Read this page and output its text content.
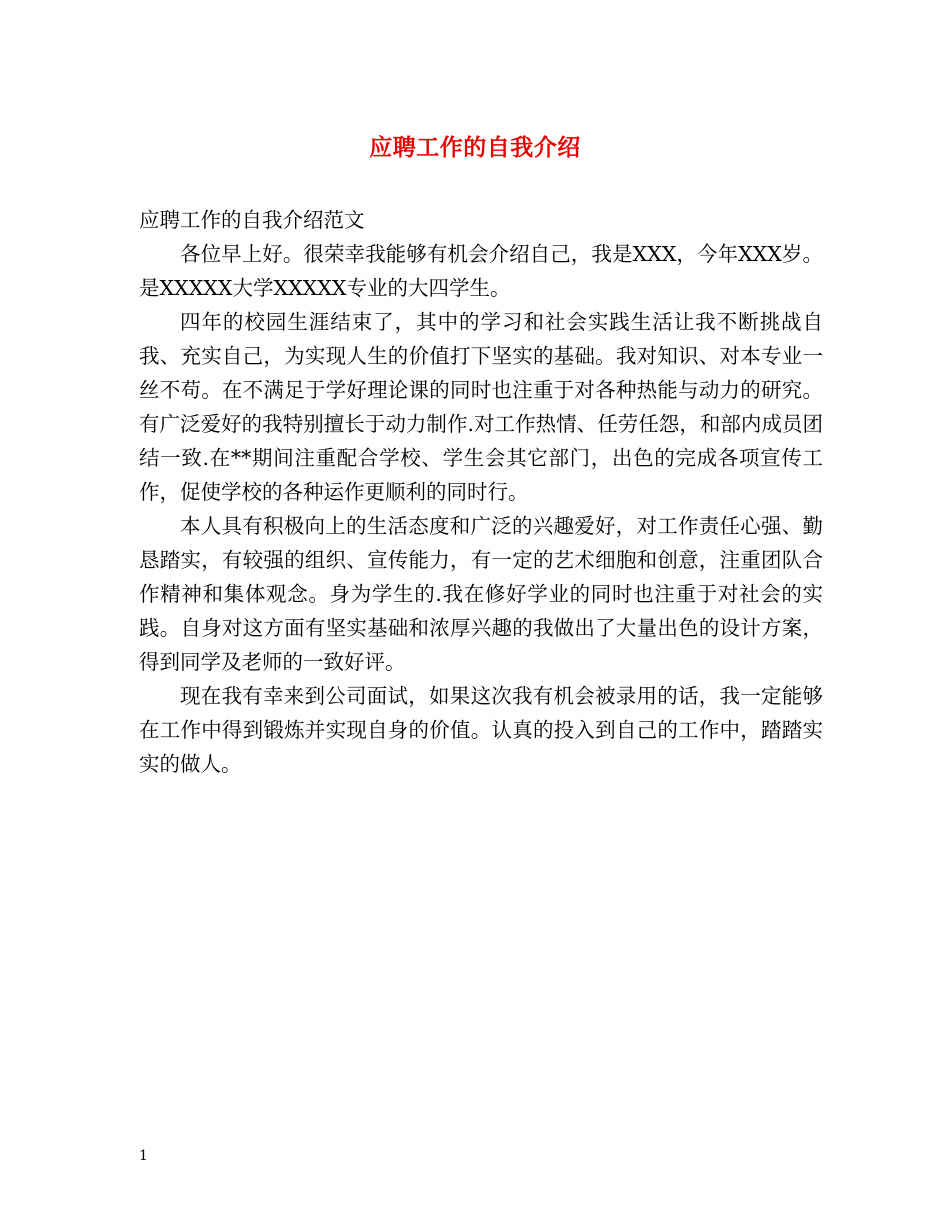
应聘工作的自我介绍

应聘工作的自我介绍范文

各位早上好。很荣幸我能够有机会介绍自己，我是XXX，今年XXX岁。是XXXXX大学XXXXX专业的大四学生。

四年的校园生涯结束了，其中的学习和社会实践生活让我不断挑战自我、充实自己，为实现人生的价值打下坚实的基础。我对知识、对本专业一丝不苟。在不满足于学好理论课的同时也注重于对各种热能与动力的研究。有广泛爱好的我特别擅长于动力制作.对工作热情、任劳任怨，和部内成员团结一致.在**期间注重配合学校、学生会其它部门，出色的完成各项宣传工作，促使学校的各种运作更顺利的同时行。

本人具有积极向上的生活态度和广泛的兴趣爱好，对工作责任心强、勤恳踏实，有较强的组织、宣传能力，有一定的艺术细胞和创意，注重团队合作精神和集体观念。身为学生的.我在修好学业的同时也注重于对社会的实践。自身对这方面有坚实基础和浓厚兴趣的我做出了大量出色的设计方案，得到同学及老师的一致好评。

现在我有幸来到公司面试，如果这次我有机会被录用的话，我一定能够在工作中得到锻炼并实现自身的价值。认真的投入到自己的工作中，踏踏实实的做人。

1
